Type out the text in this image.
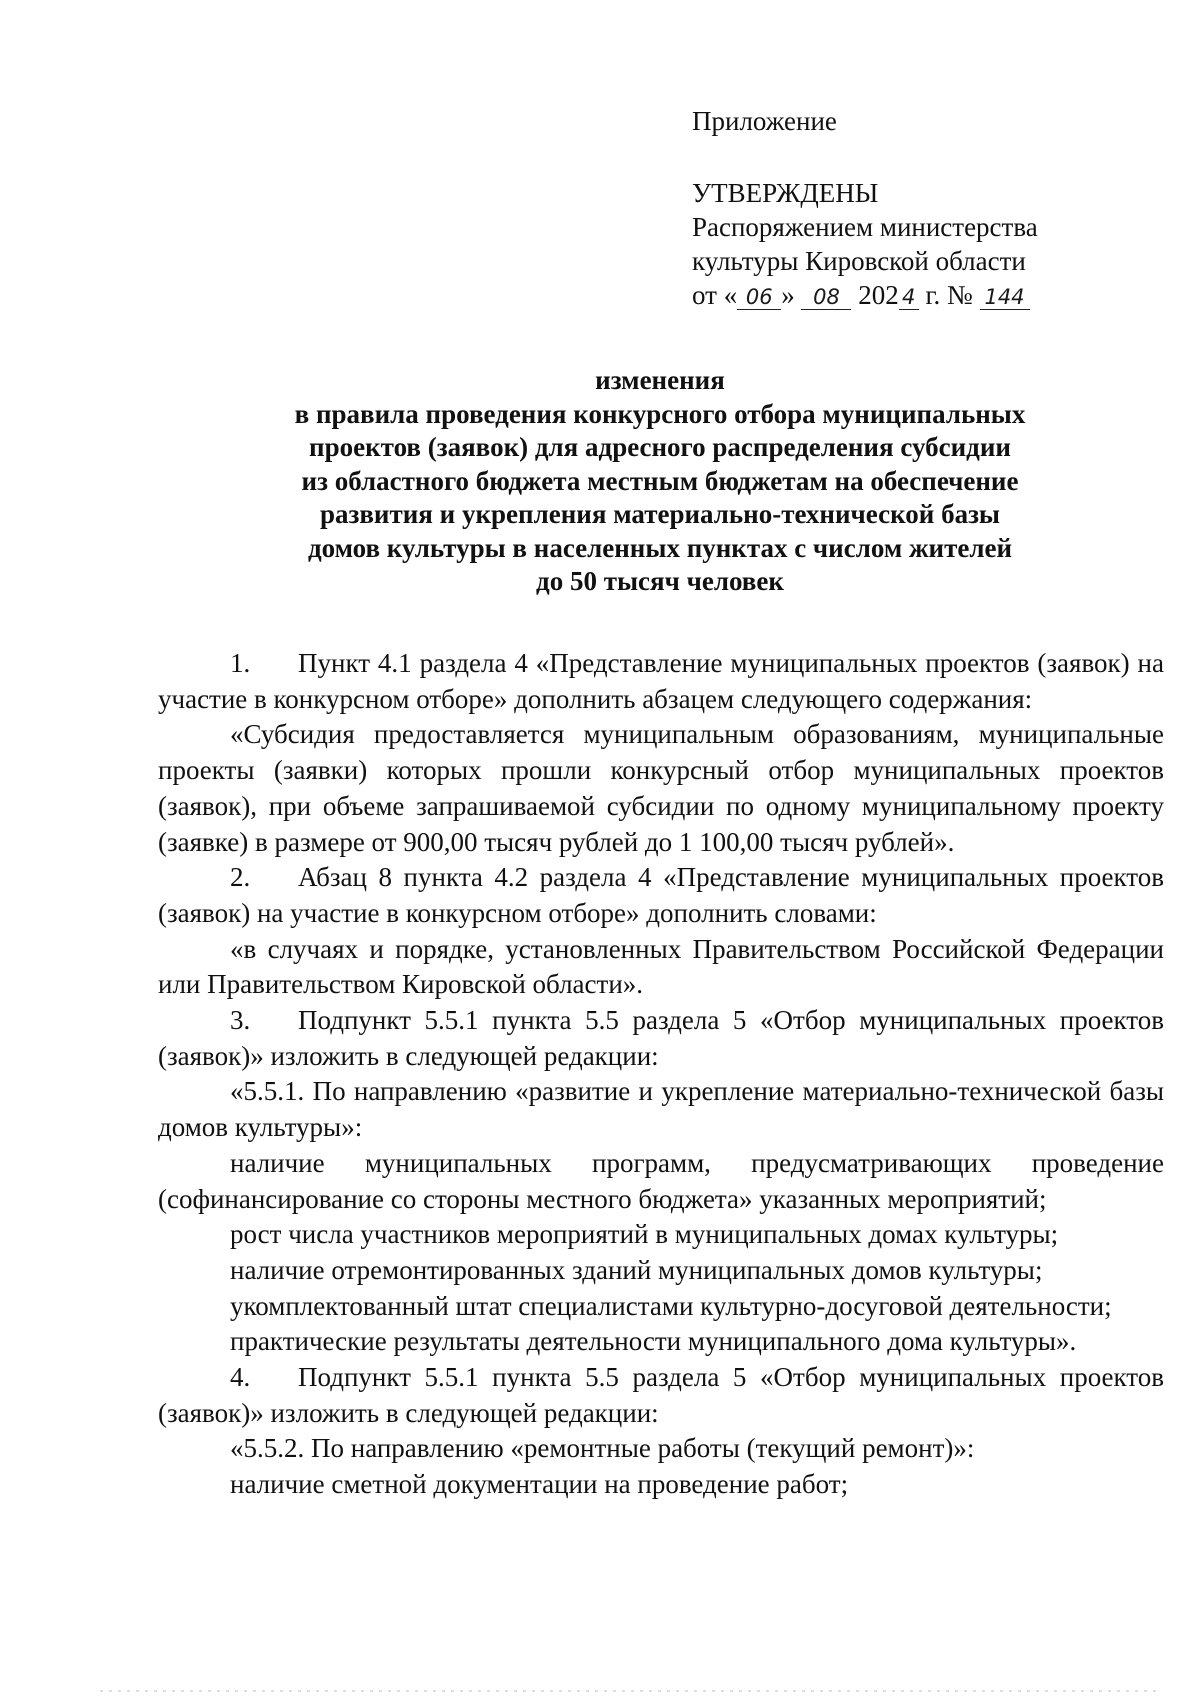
Приложение
УТВЕРЖДЕНЫ
Распоряжением министерства
культуры Кировской области
от « 06 » 08 202 4 г. № 144
изменения
в правила проведения конкурсного отбора муниципальных
проектов (заявок) для адресного распределения субсидии
из областного бюджета местным бюджетам на обеспечение
развития и укрепления материально-технической базы
домов культуры в населенных пунктах с числом жителей
до 50 тысяч человек

1. Пункт 4.1 раздела 4 «Представление муниципальных проектов (заявок) на участие в конкурсном отборе» дополнить абзацем следующего содержания:

«Субсидия предоставляется муниципальным образованиям, муниципальные проекты (заявки) которых прошли конкурсный отбор муниципальных проектов (заявок), при объеме запрашиваемой субсидии по одному муниципальному проекту (заявке) в размере от 900,00 тысяч рублей до 1 100,00 тысяч рублей».

2. Абзац 8 пункта 4.2 раздела 4 «Представление муниципальных проектов (заявок) на участие в конкурсном отборе» дополнить словами:

«в случаях и порядке, установленных Правительством Российской Федерации или Правительством Кировской области».

3. Подпункт 5.5.1 пункта 5.5 раздела 5 «Отбор муниципальных проектов (заявок)» изложить в следующей редакции:

«5.5.1. По направлению «развитие и укрепление материально-технической базы домов культуры»:

наличие муниципальных программ, предусматривающих проведение (софинансирование со стороны местного бюджета» указанных мероприятий;

рост числа участников мероприятий в муниципальных домах культуры;

наличие отремонтированных зданий муниципальных домов культуры;

укомплектованный штат специалистами культурно-досуговой деятельности;

практические результаты деятельности муниципального дома культуры».

4. Подпункт 5.5.1 пункта 5.5 раздела 5 «Отбор муниципальных проектов (заявок)» изложить в следующей редакции:

«5.5.2. По направлению «ремонтные работы (текущий ремонт)»:

наличие сметной документации на проведение работ;
